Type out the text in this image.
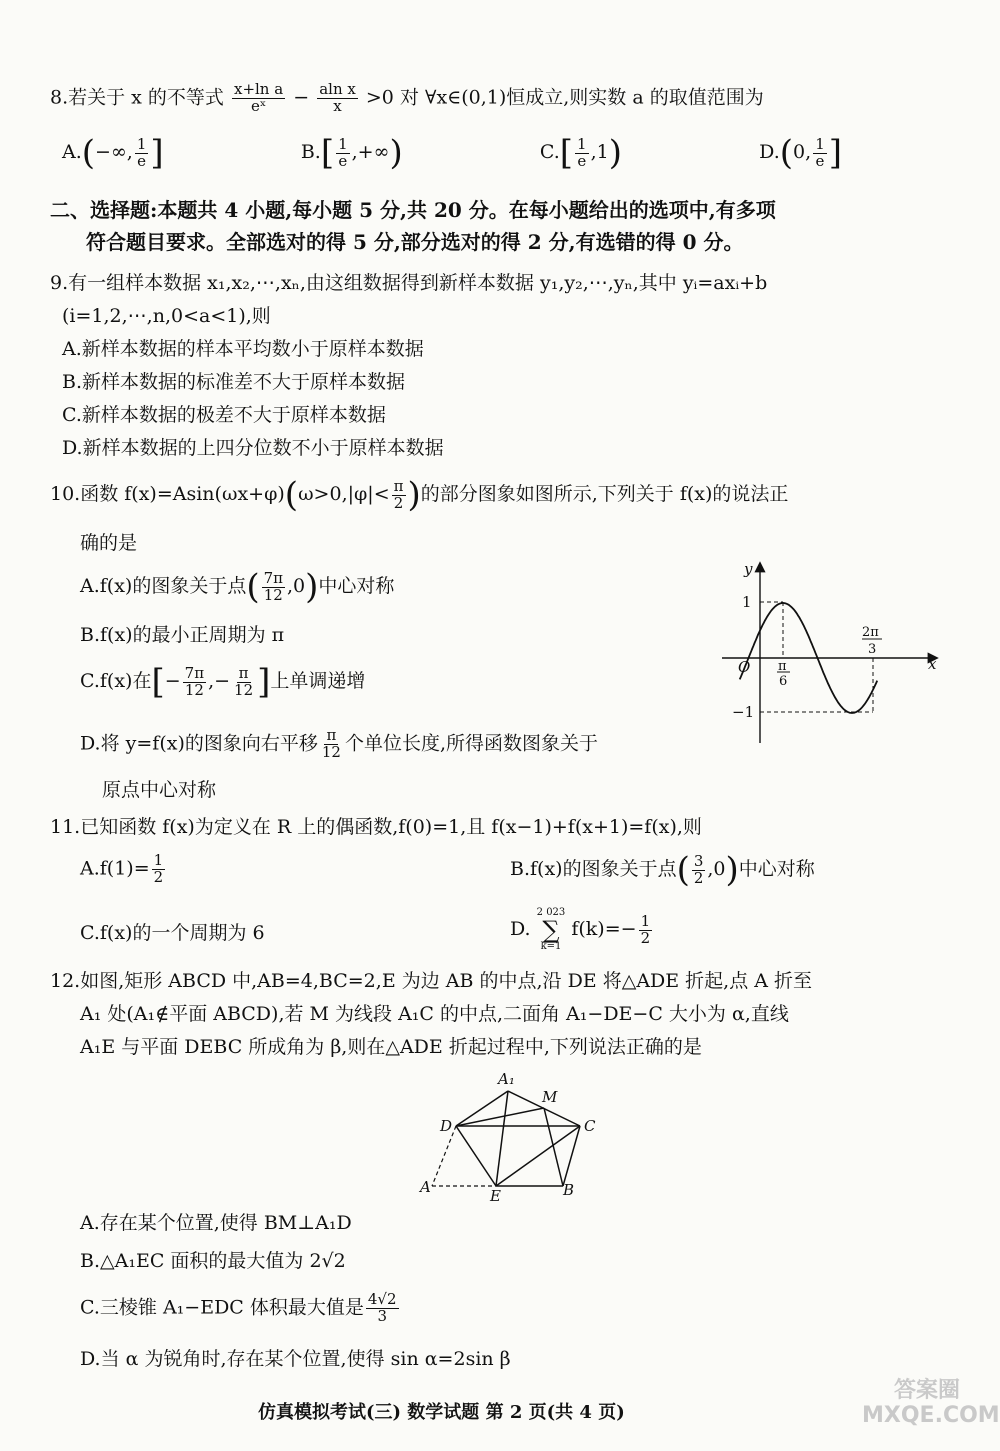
8.若关于 x 的不等式 $\frac{\text{x+ln a}}{\text{eˣ}} - \frac{\text{aln x}}{x} >0$ 对 ∀x∈(0,1)恒成立,则实数 a 的取值范围为
A.(−∞, $\frac{1}{e}$ ]	$B.[ \frac{1}{e}$ ,+∞)	$C.[ \frac{1}{e} ,1)$	D.(0, $\frac{1}{e}$ ]
二、选择题:本题共 4 小题,每小题 5 分,共 20 分。在每小题给出的选项中,有多项
符合题目要求。全部选对的得 5 分,部分选对的得 2 分,有选错的得 0 分。
9.有一组样本数据 x₁,x₂,⋯,xₙ,由这组数据得到新样本数据 y₁,y₂,⋯,yₙ,其中 yᵢ=axᵢ+b
(i=1,2,⋯,n,0<a<1),则
A.新样本数据的样本平均数小于原样本数据
B.新样本数据的标准差不大于原样本数据
C.新样本数据的极差不大于原样本数据
D.新样本数据的上四分位数不小于原样本数据
10.函数 $f(x)=Asin(\omega x+\varphi)(\omega>0,|\varphi|< \frac{\pi}{2}$ )的部分图象如图所示,下列关于 f(x)的说法正
确的是
A.f(x)的图象关于点( $\frac{7\pi}{12} ,0$)中心对称
B.f(x)的最小正周期为 π
C.f(x)在[− $\frac{7\pi}{12}$ ,− $\frac{\pi}{12}$ ]上单调递增
D.将 y=f(x)的图象向右平移 $\frac{\pi}{12}$ 个单位长度,所得函数图象关于
原点中心对称
y
x
O
1
−1
π
6
2π
3
11.已知函数 f(x)为定义在 R 上的偶函数,f(0)=1,且 f(x−1)+f(x+1)=f(x),则
$A.f(1)= \frac{1}{2}$	B.f(x)的图象关于点( $\frac{3}{2} ,0$)中心对称
C.f(x)的一个周期为 6	D.
2 023
∑
k=1
$f(k)=- \frac{1}{2}$
12.如图,矩形 ABCD 中,AB=4,BC=2,E 为边 AB 的中点,沿 DE 将△ADE 折起,点 A 折至
A₁ 处(A₁∉平面 ABCD),若 M 为线段 A₁C 的中点,二面角 A₁−DE−C 大小为 α,直线
A₁E 与平面 DEBC 所成角为 β,则在△ADE 折起过程中,下列说法正确的是
A₁
M
D	C
A	E	B
A.存在某个位置,使得 BM⊥A₁D
B.△A₁EC 面积的最大值为 2√2
C.三棱锥 A₁−EDC 体积最大值是 $\frac{4√2}{3}$
D.当 α 为锐角时,存在某个位置,使得 sin α=2sin β
仿真模拟考试(三) 数学试题 第 2 页(共 4 页)
答案圈 MXQE.COM
